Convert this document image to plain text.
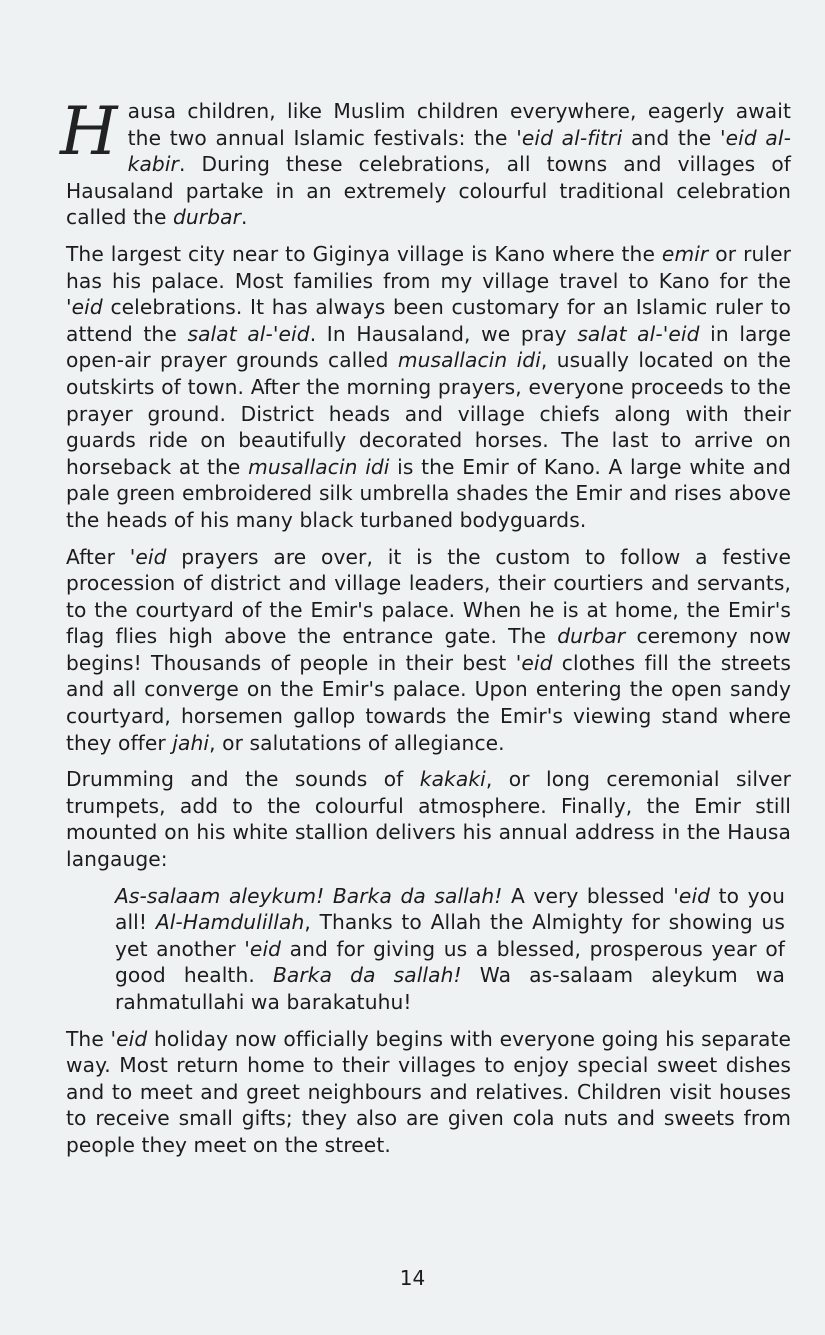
Hausa children, like Muslim children everywhere, eagerly await the two annual Islamic festivals: the 'eid al-fitri and the 'eid al-kabir. During these celebrations, all towns and villages of Hausaland partake in an extremely colourful traditional celebration called the durbar.

The largest city near to Giginya village is Kano where the emir or ruler has his palace. Most families from my village travel to Kano for the 'eid celebrations. It has always been customary for an Islamic ruler to attend the salat al-'eid. In Hausaland, we pray salat al-'eid in large open-air prayer grounds called musallacin idi, usually located on the outskirts of town. After the morning prayers, everyone proceeds to the prayer ground. District heads and village chiefs along with their guards ride on beautifully decorated horses. The last to arrive on horseback at the musallacin idi is the Emir of Kano. A large white and pale green embroidered silk umbrella shades the Emir and rises above the heads of his many black turbaned bodyguards.

After 'eid prayers are over, it is the custom to follow a festive procession of district and village leaders, their courtiers and servants, to the courtyard of the Emir's palace. When he is at home, the Emir's flag flies high above the entrance gate. The durbar ceremony now begins! Thousands of people in their best 'eid clothes fill the streets and all converge on the Emir's palace. Upon entering the open sandy courtyard, horsemen gallop towards the Emir's viewing stand where they offer jahi, or salutations of allegiance.

Drumming and the sounds of kakaki, or long ceremonial silver trumpets, add to the colourful atmosphere. Finally, the Emir still mounted on his white stallion delivers his annual address in the Hausa langauge:

As-salaam aleykum! Barka da sallah! A very blessed 'eid to you all! Al-Hamdulillah, Thanks to Allah the Almighty for showing us yet another 'eid and for giving us a blessed, prosperous year of good health. Barka da sallah! Wa as-salaam aleykum wa rahmatullahi wa barakatuhu!

The 'eid holiday now officially begins with everyone going his separate way. Most return home to their villages to enjoy special sweet dishes and to meet and greet neighbours and relatives. Children visit houses to receive small gifts; they also are given cola nuts and sweets from people they meet on the street.

14
